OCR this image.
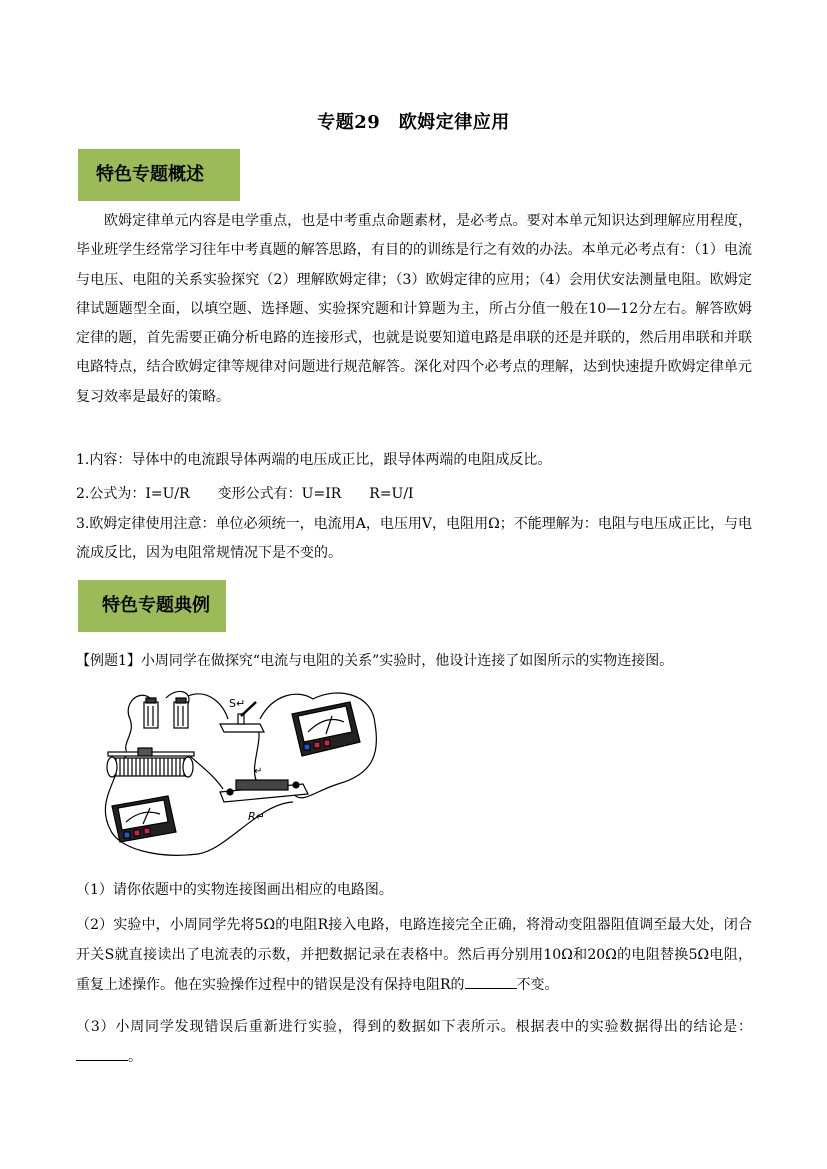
专题29　欧姆定律应用
特色专题概述
欧姆定律单元内容是电学重点，也是中考重点命题素材，是必考点。要对本单元知识达到理解应用程度，毕业班学生经常学习往年中考真题的解答思路，有目的的训练是行之有效的办法。本单元必考点有：（1）电流与电压、电阻的关系实验探究（2）理解欧姆定律；（3）欧姆定律的应用；（4）会用伏安法测量电阻。欧姆定律试题题型全面，以填空题、选择题、实验探究题和计算题为主，所占分值一般在10—12分左右。解答欧姆定律的题，首先需要正确分析电路的连接形式，也就是说要知道电路是串联的还是并联的，然后用串联和并联电路特点，结合欧姆定律等规律对问题进行规范解答。深化对四个必考点的理解，达到快速提升欧姆定律单元复习效率是最好的策略。
1.内容：导体中的电流跟导体两端的电压成正比，跟导体两端的电阻成反比。
2.公式为：I=U/R　　变形公式有：U=IR　　R=U/I
3.欧姆定律使用注意：单位必须统一，电流用A，电压用V，电阻用Ω；不能理解为：电阻与电压成正比，与电流成反比，因为电阻常规情况下是不变的。
特色专题典例
【例题1】小周同学在做探究“电流与电阻的关系”实验时，他设计连接了如图所示的实物连接图。
S↵
R↵
↵
（1）请你依题中的实物连接图画出相应的电路图。
（2）实验中，小周同学先将5Ω的电阻R接入电路，电路连接完全正确，将滑动变阻器阻值调至最大处，闭合开关S就直接读出了电流表的示数，并把数据记录在表格中。然后再分别用10Ω和20Ω的电阻替换5Ω电阻，重复上述操作。他在实验操作过程中的错误是没有保持电阻R的	不变。
（3）小周同学发现错误后重新进行实验，得到的数据如下表所示。根据表中的实验数据得出的结论是：。
